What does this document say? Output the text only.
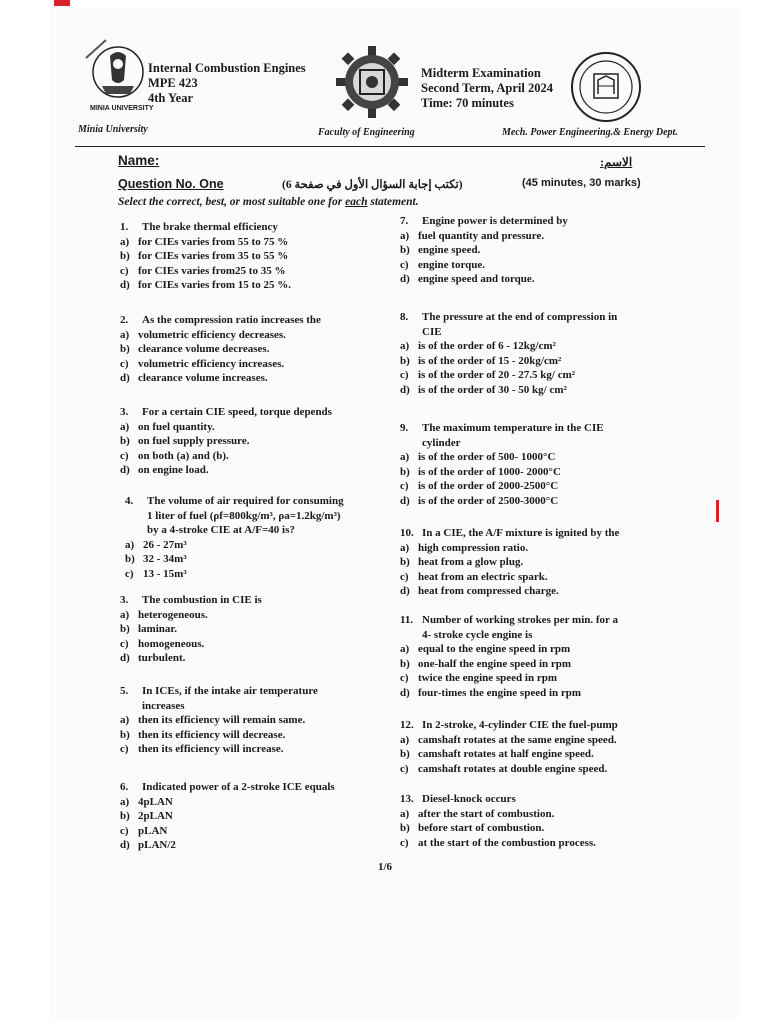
MINIA UNIVERSITY
Internal Combustion Engines
MPE 423
4th Year
Midterm Examination
Second Term, April 2024
Time: 70 minutes
Minia University	Faculty of Engineering	Mech. Power Engineering.& Energy Dept.
Name:	الاسم:
Question No. One	(تكتب إجابة السؤال الأول في صفحة 6)	(45 minutes, 30 marks)
Select the correct, best, or most suitable one for each statement.
1.	The brake thermal efficiency
a) for CIEs varies from 55 to 75 %
b) for CIEs varies from 35 to 55 %
c) for CIEs varies from25 to 35 %
d) for CIEs varies from 15 to 25 %.
2.	As the compression ratio increases the
a) volumetric efficiency decreases.
b) clearance volume decreases.
c) volumetric efficiency increases.
d) clearance volume increases.
3.	For a certain CIE speed, torque depends
a) on fuel quantity.
b) on fuel supply pressure.
c) on both (a) and (b).
d) on engine load.
4.	The volume of air required for consuming
1 liter of fuel (ρf=800kg/m³, ρa=1.2kg/m³)
by a 4-stroke CIE at A/F=40 is?
a) 26 - 27m³
b) 32 - 34m³
c) 13 - 15m³
3.	The combustion in CIE is
a) heterogeneous.
b) laminar.
c) homogeneous.
d) turbulent.
5.	In ICEs, if the intake air temperature
increases
a) then its efficiency will remain same.
b) then its efficiency will decrease.
c) then its efficiency will increase.
6.	Indicated power of a 2-stroke ICE equals
a) 4pLAN
b) 2pLAN
c) pLAN
d) pLAN/2
7.	Engine power is determined by
a) fuel quantity and pressure.
b) engine speed.
c) engine torque.
d) engine speed and torque.
8.	The pressure at the end of compression in
CIE
a) is of the order of 6 - 12kg/cm²
b) is of the order of 15 - 20kg/cm²
c) is of the order of 20 - 27.5 kg/ cm²
d) is of the order of 30 - 50 kg/ cm²
9.	The maximum temperature in the CIE
cylinder
a) is of the order of 500- 1000°C
b) is of the order of 1000- 2000°C
c) is of the order of 2000-2500°C
d) is of the order of 2500-3000°C
10. In a CIE, the A/F mixture is ignited by the
a) high compression ratio.
b) heat from a glow plug.
c) heat from an electric spark.
d) heat from compressed charge.
11. Number of working strokes per min. for a
4- stroke cycle engine is
a) equal to the engine speed in rpm
b) one-half the engine speed in rpm
c) twice the engine speed in rpm
d) four-times the engine speed in rpm
12. In 2-stroke, 4-cylinder CIE the fuel-pump
a) camshaft rotates at the same engine speed.
b) camshaft rotates at half engine speed.
c) camshaft rotates at double engine speed.
13. Diesel-knock occurs
a) after the start of combustion.
b) before start of combustion.
c) at the start of the combustion process.
1/6
